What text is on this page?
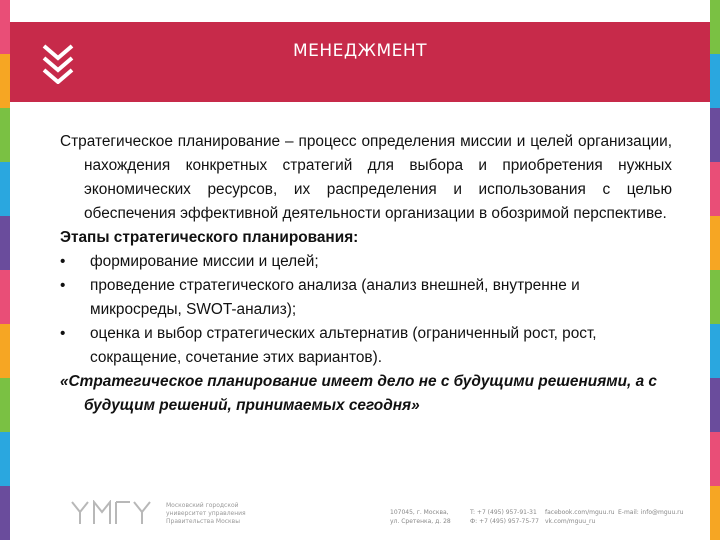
МЕНЕДЖМЕНТ

Стратегическое планирование – процесс определения миссии и целей организации, нахождения конкретных стратегий для выбора и приобретения нужных экономических ресурсов, их распределения и использования с целью обеспечения эффективной деятельности организации в обозримой перспективе.

Этапы стратегического планирования:

• формирование миссии и целей;

• проведение стратегического анализа (анализ внешней, внутренне и микросреды, SWOT-анализ);

• оценка и выбор стратегических альтернатив (ограниченный рост, рост, сокращение, сочетание этих вариантов).

«Стратегическое планирование имеет дело не с будущими решениями, а с будущим решений, принимаемых сегодня»

Московский городской
университет управления
Правительства Москвы
107045, г. Москва,
ул. Сретенка, д. 28
T: +7 (495) 957-91-31
Ф: +7 (495) 957-75-77
facebook.com/mguu.ru
vk.com/mguu_ru
E-mail: info@mguu.ru
